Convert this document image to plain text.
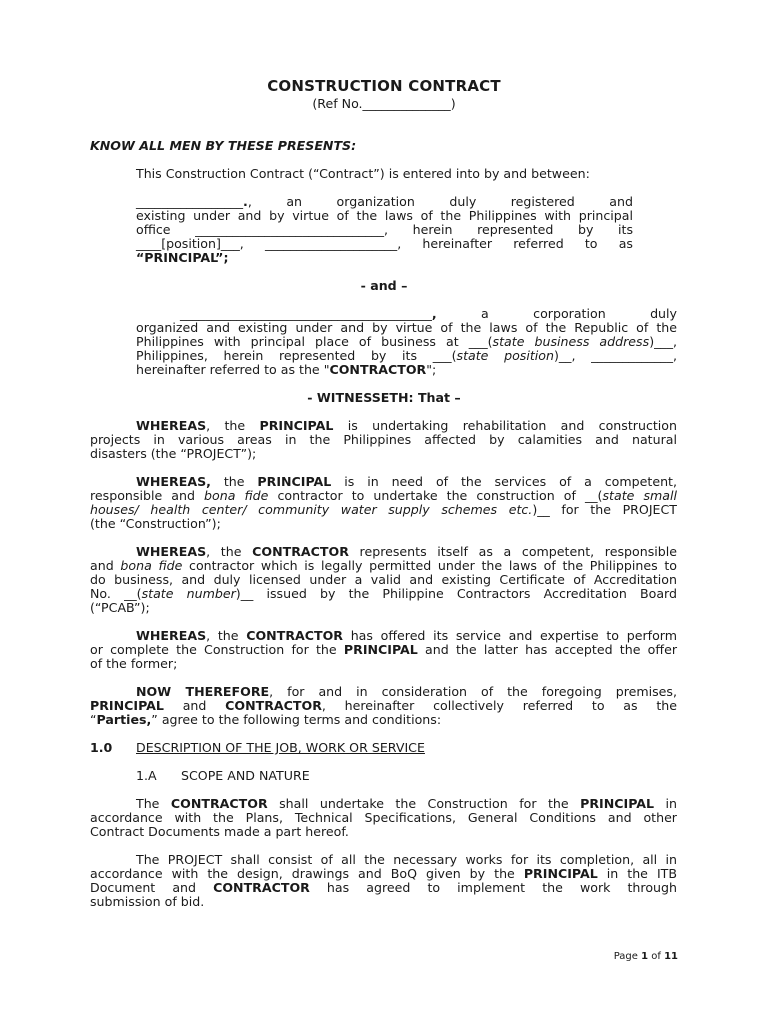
CONSTRUCTION CONTRACT
(Ref No.______________)
KNOW ALL MEN BY THESE PRESENTS:
This Construction Contract (“Contract”) is entered into by and between:
_________________., an organization duly registered and
existing under and by virtue of the laws of the Philippines with principal
office ______________________________, herein represented by its
____[position]___, _____________________, hereinafter referred to as
“PRINCIPAL”;
- and –
________________________________________, a corporation duly
organized and existing under and by virtue of the laws of the Republic of the
Philippines with principal place of business at ___(state business address)___,
Philippines, herein represented by its ___(state position)__, _____________,
hereinafter referred to as the "CONTRACTOR";
- WITNESSETH: That –
WHEREAS, the PRINCIPAL is undertaking rehabilitation and construction
projects in various areas in the Philippines affected by calamities and natural
disasters (the “PROJECT”);
WHEREAS, the PRINCIPAL is in need of the services of a competent,
responsible and bona fide contractor to undertake the construction of __(state small
houses/ health center/ community water supply schemes etc.)__ for the PROJECT
(the “Construction”);
WHEREAS, the CONTRACTOR represents itself as a competent, responsible
and bona fide contractor which is legally permitted under the laws of the Philippines to
do business, and duly licensed under a valid and existing Certificate of Accreditation
No. __(state number)__ issued by the Philippine Contractors Accreditation Board
(“PCAB”);
WHEREAS, the CONTRACTOR has offered its service and expertise to perform
or complete the Construction for the PRINCIPAL and the latter has accepted the offer
of the former;
NOW THEREFORE, for and in consideration of the foregoing premises,
PRINCIPAL and CONTRACTOR, hereinafter collectively referred to as the
“Parties,” agree to the following terms and conditions:
1.0 DESCRIPTION OF THE JOB, WORK OR SERVICE
1.A SCOPE AND NATURE
The CONTRACTOR shall undertake the Construction for the PRINCIPAL in
accordance with the Plans, Technical Specifications, General Conditions and other
Contract Documents made a part hereof.
The PROJECT shall consist of all the necessary works for its completion, all in
accordance with the design, drawings and BoQ given by the PRINCIPAL in the ITB
Document and CONTRACTOR has agreed to implement the work through
submission of bid.
Page 1 of 11
